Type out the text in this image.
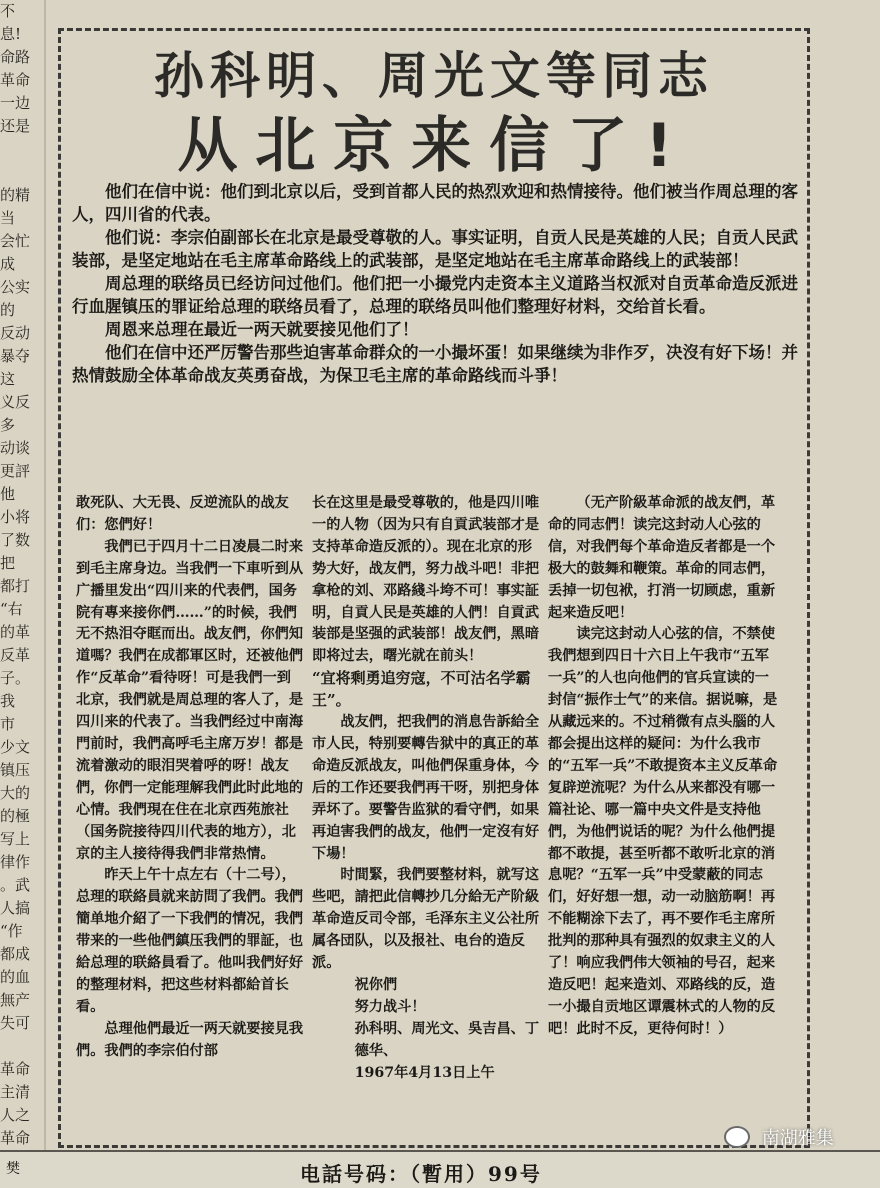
不
息!
命路
革命
一边
还是

的精
当
会忙
成
公实
的
反动
暴夺
这
义反
多
动谈
更評
他
小将
了数
把
都打
“右
的革
反革
子。
我
市
少文
镇压
大的
的極
写上
律作
。武
人搞
“作
都成
的血
無产
失可

革命
主清
人之
革命
孙科明、周光文等同志
从北京来信了!

他们在信中说：他们到北京以后，受到首都人民的热烈欢迎和热情接待。他们被当作周总理的客人，四川省的代表。

他们说：李宗伯副部长在北京是最受尊敬的人。事实证明，自贡人民是英雄的人民；自贡人民武装部，是坚定地站在毛主席革命路线上的武装部，是坚定地站在毛主席革命路线上的武装部！

周总理的联络员已经访问过他们。他们把一小撮党内走资本主义道路当权派对自贡革命造反派进行血腥镇压的罪证给总理的联络员看了，总理的联络员叫他们整理好材料，交给首长看。

周恩来总理在最近一两天就要接见他们了！

他们在信中还严厉警告那些迫害革命群众的一小撮坏蛋！如果继续为非作歹，决沒有好下场！并热情鼓励全体革命战友英勇奋战，为保卫毛主席的革命路线而斗爭！

敢死队、大无畏、反逆流队的战友们：您們好！

我們已于四月十二日凌晨二时来到毛主席身边。当我們一下車听到从广播里发出“四川来的代表們，国务院有專来接你們……”的时候，我們无不热泪夺眶而出。战友們，你們知道嗎？我們在成都軍区时，还被他們作“反革命”看待呀！可是我們一到北京，我們就是周总理的客人了，是四川来的代表了。当我們经过中南海門前时，我們高呼毛主席万岁！都是流着激动的眼泪哭着呼的呀！战友們，你們一定能理解我們此时此地的心情。我們現在住在北京西苑旅社（国务院接待四川代表的地方），北京的主人接待得我們非常热情。

昨天上午十点左右（十二号），总理的联絡員就来訪問了我們。我們簡单地介紹了一下我們的情况，我們带来的一些他們鎮压我們的罪証，也給总理的联絡員看了。他叫我們好好的整理材料，把这些材料都給首长看。

总理他們最近一两天就要接見我們。我們的李宗伯付部

长在这里是最受尊敬的，他是四川唯一的人物（因为只有自貢武装部才是支持革命造反派的）。现在北京的形势大好，战友們，努力战斗吧！非把拿枪的刘、邓路綫斗垮不可！事实証明，自貢人民是英雄的人們！自貢武装部是坚强的武装部！战友們，黑暗即将过去，曙光就在前头！

“宜将剩勇追穷寇，不可沽名学霸王”。

战友們，把我們的消息告訴給全市人民，特别要轉告狱中的真正的革命造反派战友，叫他們保重身体，今后的工作还要我們再干呀，别把身体弄坏了。要警告监狱的看守們，如果再迫害我們的战友，他們一定沒有好下場！

时間緊，我們要整材料，就写这些吧，請把此信轉抄几分給无产阶級革命造反司令部，毛泽东主义公社所属各団队，以及报社、电台的造反派。

祝你們

努力战斗！

孙科明、周光文、吳吉昌、丁德华、

1967年4月13日上午

（无产阶級革命派的战友們，革命的同志們！读完这封动人心弦的信，对我們每个革命造反者都是一个极大的鼓舞和鞭策。革命的同志們，丢掉一切包袱，打消一切顾虑，重新起来造反吧！

读完这封动人心弦的信，不禁使我們想到四日十六日上午我市“五军一兵”的人也向他們的官兵宣读的一封信“振作士气”的来信。据说嘛，是从藏远来的。不过稍微有点头腦的人都会提出这样的疑问：为什么我市的“五军一兵”不敢提资本主义反革命复辟逆流呢？为什么从来都没有哪一篇社论、哪一篇中央文件是支持他們，为他們说话的呢？为什么他們提都不敢提，甚至听都不敢听北京的消息呢？“五军一兵”中受蒙蔽的同志们，好好想一想，动一动脑筋啊！再不能糊涂下去了，再不要作毛主席所批判的那种具有强烈的奴隶主义的人了！响应我們伟大领袖的号召，起来造反吧！起来造刘、邓路线的反，造一小撮自贡地区谭震林式的人物的反吧！此时不反，更待何时！）

樊	电話号码：（暫用）99号
南湖雅集
